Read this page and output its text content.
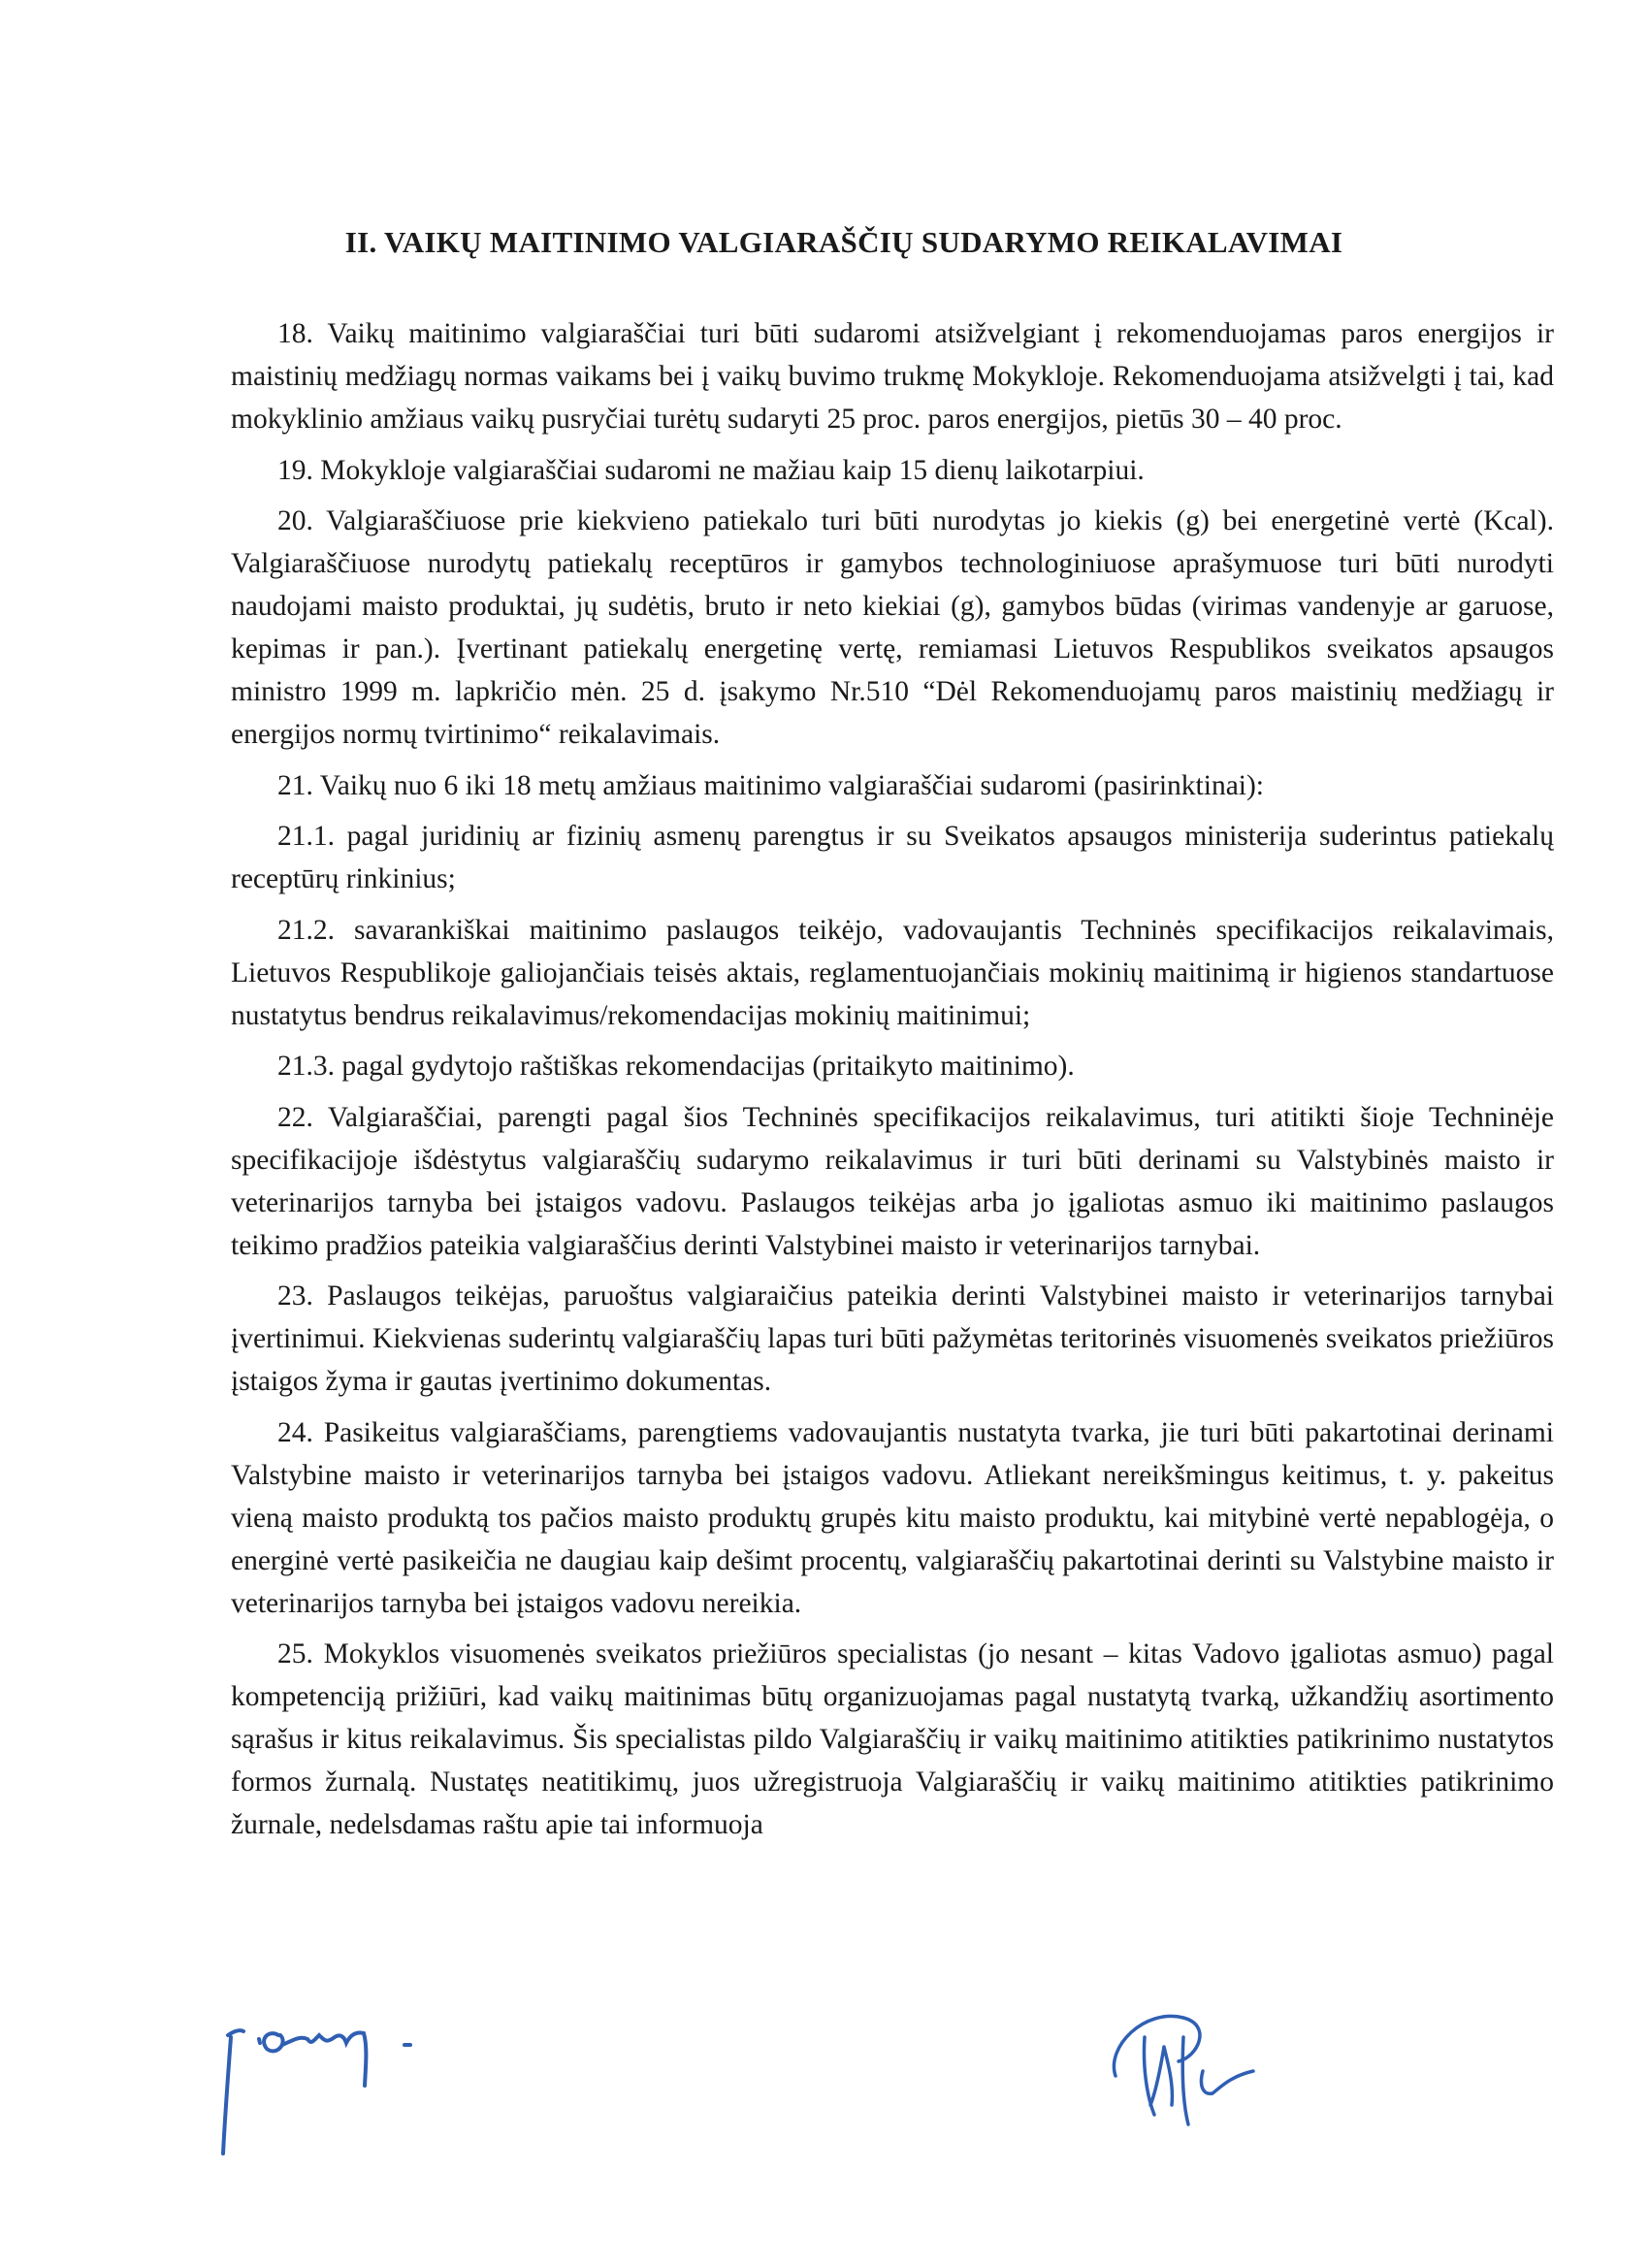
II. VAIKŲ MAITINIMO VALGIARAŠČIŲ SUDARYMO REIKALAVIMAI

18. Vaikų maitinimo valgiaraščiai turi būti sudaromi atsižvelgiant į rekomenduojamas paros energijos ir maistinių medžiagų normas vaikams bei į vaikų buvimo trukmę Mokykloje. Rekomenduojama atsižvelgti į tai, kad mokyklinio amžiaus vaikų pusryčiai turėtų sudaryti 25 proc. paros energijos, pietūs 30 – 40 proc.

19. Mokykloje valgiaraščiai sudaromi ne mažiau kaip 15 dienų laikotarpiui.

20. Valgiaraščiuose prie kiekvieno patiekalo turi būti nurodytas jo kiekis (g) bei energetinė vertė (Kcal). Valgiaraščiuose nurodytų patiekalų receptūros ir gamybos technologiniuose aprašymuose turi būti nurodyti naudojami maisto produktai, jų sudėtis, bruto ir neto kiekiai (g), gamybos būdas (virimas vandenyje ar garuose, kepimas ir pan.). Įvertinant patiekalų energetinę vertę, remiamasi Lietuvos Respublikos sveikatos apsaugos ministro 1999 m. lapkričio mėn. 25 d. įsakymo Nr.510 “Dėl Rekomenduojamų paros maistinių medžiagų ir energijos normų tvirtinimo“ reikalavimais.

21. Vaikų nuo 6 iki 18 metų amžiaus maitinimo valgiaraščiai sudaromi (pasirinktinai):

21.1. pagal juridinių ar fizinių asmenų parengtus ir su Sveikatos apsaugos ministerija suderintus patiekalų receptūrų rinkinius;

21.2. savarankiškai maitinimo paslaugos teikėjo, vadovaujantis Techninės specifikacijos reikalavimais, Lietuvos Respublikoje galiojančiais teisės aktais, reglamentuojančiais mokinių maitinimą ir higienos standartuose nustatytus bendrus reikalavimus/rekomendacijas mokinių maitinimui;

21.3. pagal gydytojo raštiškas rekomendacijas (pritaikyto maitinimo).

22. Valgiaraščiai, parengti pagal šios Techninės specifikacijos reikalavimus, turi atitikti šioje Techninėje specifikacijoje išdėstytus valgiaraščių sudarymo reikalavimus ir turi būti derinami su Valstybinės maisto ir veterinarijos tarnyba bei įstaigos vadovu. Paslaugos teikėjas arba jo įgaliotas asmuo iki maitinimo paslaugos teikimo pradžios pateikia valgiaraščius derinti Valstybinei maisto ir veterinarijos tarnybai.

23. Paslaugos teikėjas, paruoštus valgiaraičius pateikia derinti Valstybinei maisto ir veterinarijos tarnybai įvertinimui. Kiekvienas suderintų valgiaraščių lapas turi būti pažymėtas teritorinės visuomenės sveikatos priežiūros įstaigos žyma ir gautas įvertinimo dokumentas.

24. Pasikeitus valgiaraščiams, parengtiems vadovaujantis nustatyta tvarka, jie turi būti pakartotinai derinami Valstybine maisto ir veterinarijos tarnyba bei įstaigos vadovu. Atliekant nereikšmingus keitimus, t. y. pakeitus vieną maisto produktą tos pačios maisto produktų grupės kitu maisto produktu, kai mitybinė vertė nepablogėja, o energinė vertė pasikeičia ne daugiau kaip dešimt procentų, valgiaraščių pakartotinai derinti su Valstybine maisto ir veterinarijos tarnyba bei įstaigos vadovu nereikia.

25. Mokyklos visuomenės sveikatos priežiūros specialistas (jo nesant – kitas Vadovo įgaliotas asmuo) pagal kompetenciją prižiūri, kad vaikų maitinimas būtų organizuojamas pagal nustatytą tvarką, užkandžių asortimento sąrašus ir kitus reikalavimus. Šis specialistas pildo Valgiaraščių ir vaikų maitinimo atitikties patikrinimo nustatytos formos žurnalą. Nustatęs neatitikimų, juos užregistruoja Valgiaraščių ir vaikų maitinimo atitikties patikrinimo žurnale, nedelsdamas raštu apie tai informuoja
